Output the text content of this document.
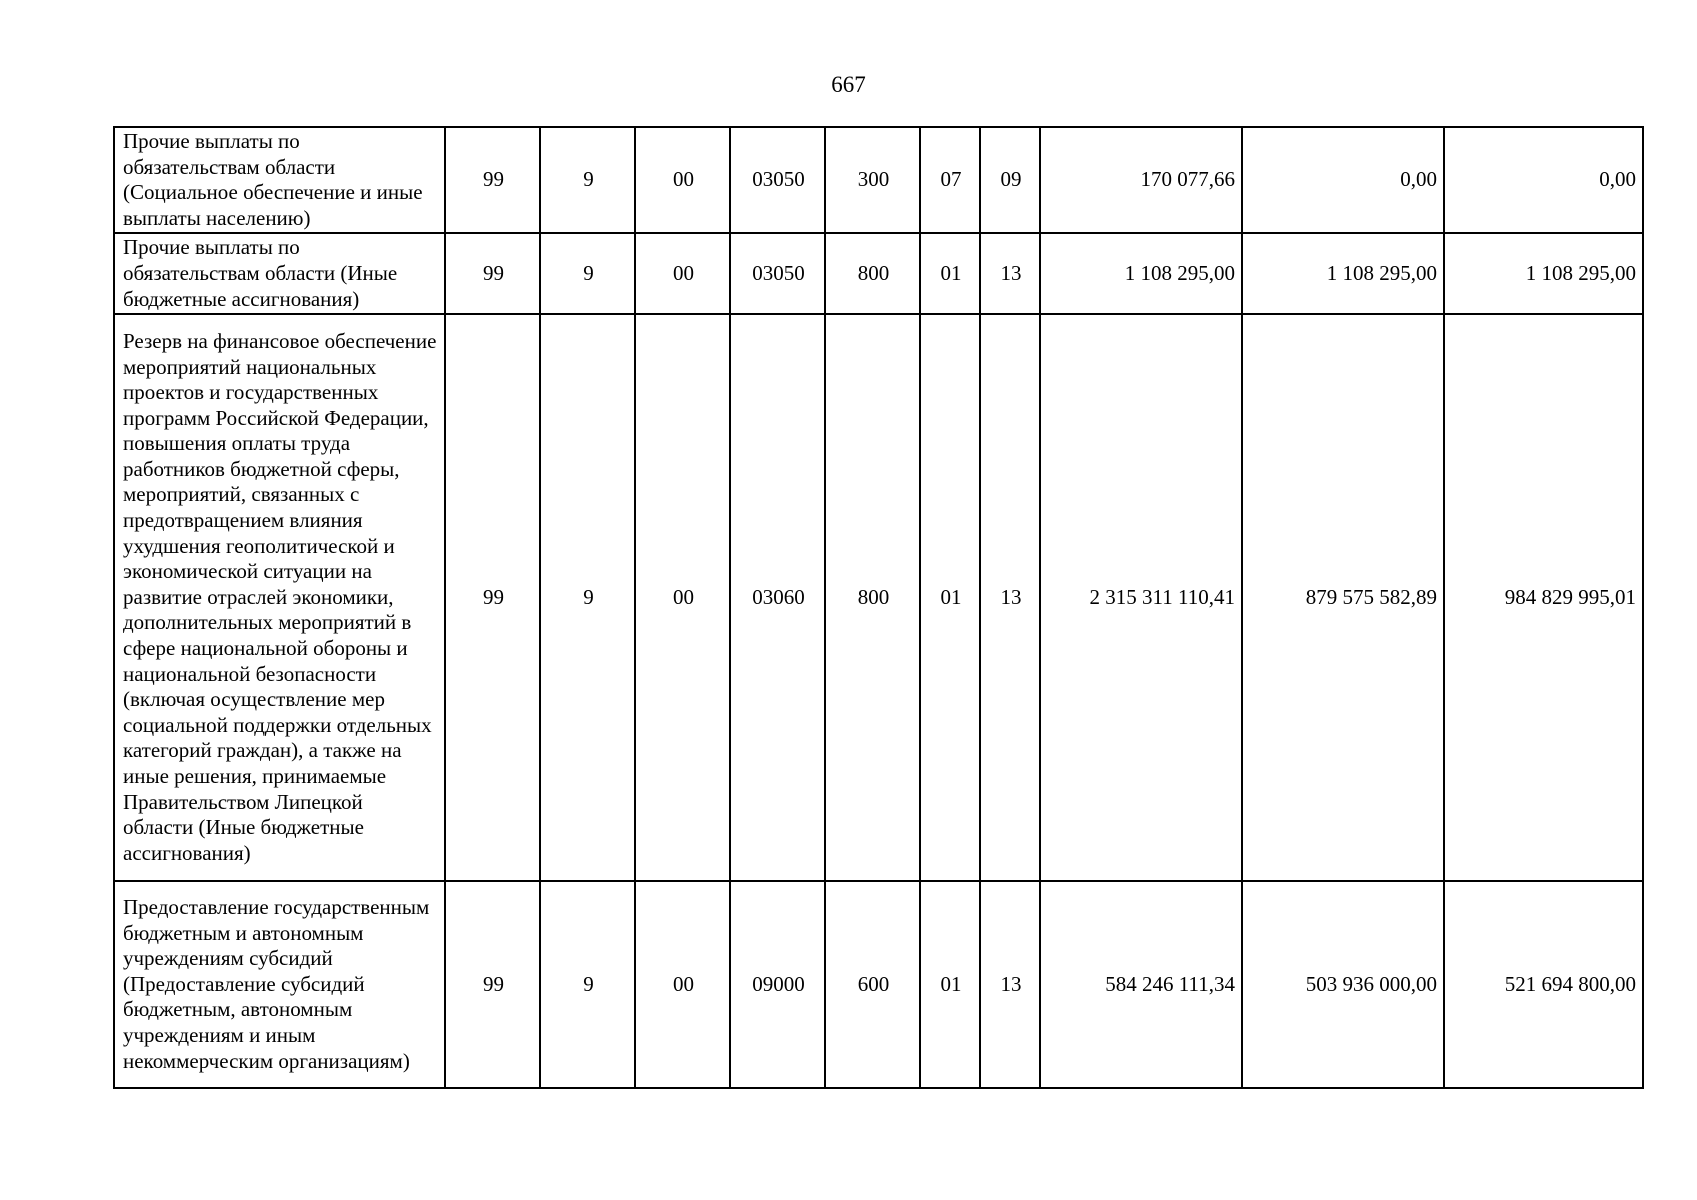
667
Прочие выплаты по обязательствам области (Социальное обеспечение и иные выплаты населению)	99	9	00	03050	300	07	09	170 077,66	0,00	0,00
Прочие выплаты по обязательствам области (Иные бюджетные ассигнования)	99	9	00	03050	800	01	13	1 108 295,00	1 108 295,00	1 108 295,00
Резерв на финансовое обеспечение мероприятий национальных проектов и государственных программ Российской Федерации, повышения оплаты труда работников бюджетной сферы, мероприятий, связанных с предотвращением влияния ухудшения геополитической и экономической ситуации на развитие отраслей экономики, дополнительных мероприятий в сфере национальной обороны и национальной безопасности (включая осуществление мер социальной поддержки отдельных категорий граждан), а также на иные решения, принимаемые Правительством Липецкой области (Иные бюджетные ассигнования)	99	9	00	03060	800	01	13	2 315 311 110,41	879 575 582,89	984 829 995,01
Предоставление государственным бюджетным и автономным учреждениям субсидий (Предоставление субсидий бюджетным, автономным учреждениям и иным некоммерческим организациям)	99	9	00	09000	600	01	13	584 246 111,34	503 936 000,00	521 694 800,00
